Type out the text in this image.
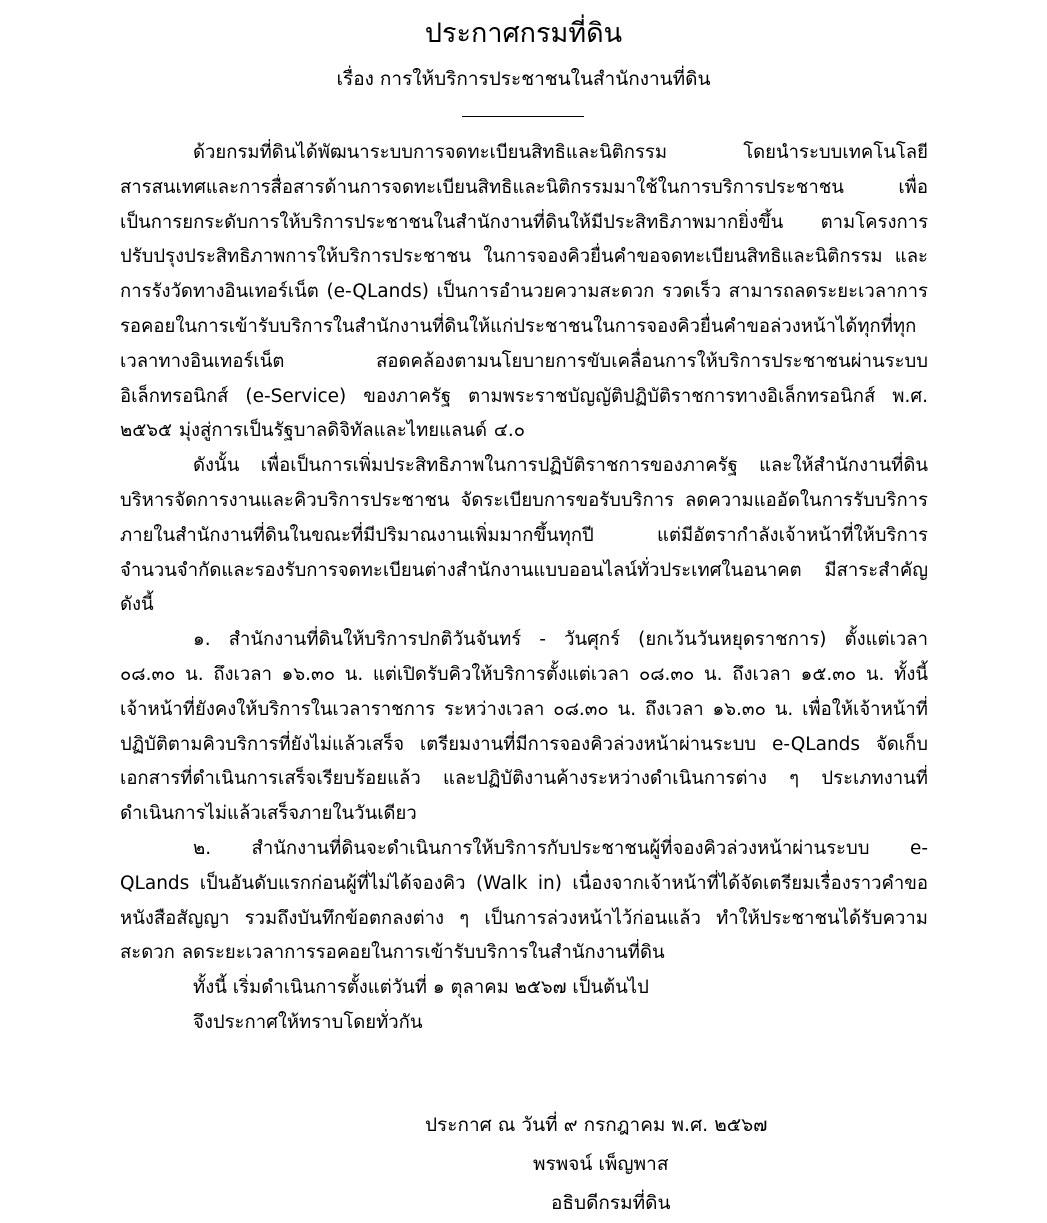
ประกาศกรมที่ดิน
เรื่อง การให้บริการประชาชนในสำนักงานที่ดิน

ด้วยกรมที่ดินได้พัฒนาระบบการจดทะเบียนสิทธิและนิติกรรม โดยนำระบบเทคโนโลยีสารสนเทศและการสื่อสารด้านการจดทะเบียนสิทธิและนิติกรรมมาใช้ในการบริการประชาชน เพื่อเป็นการยกระดับการให้บริการประชาชนในสำนักงานที่ดินให้มีประสิทธิภาพมากยิ่งขึ้น ตามโครงการปรับปรุงประสิทธิภาพการให้บริการประชาชน ในการจองคิวยื่นคำขอจดทะเบียนสิทธิและนิติกรรม และการรังวัดทางอินเทอร์เน็ต (e-QLands) เป็นการอำนวยความสะดวก รวดเร็ว สามารถลดระยะเวลาการรอคอยในการเข้ารับบริการในสำนักงานที่ดินให้แก่ประชาชนในการจองคิวยื่นคำขอล่วงหน้าได้ทุกที่ทุกเวลาทางอินเทอร์เน็ต สอดคล้องตามนโยบายการขับเคลื่อนการให้บริการประชาชนผ่านระบบอิเล็กทรอนิกส์ (e-Service) ของภาครัฐ ตามพระราชบัญญัติปฏิบัติราชการทางอิเล็กทรอนิกส์ พ.ศ. ๒๕๖๕ มุ่งสู่การเป็นรัฐบาลดิจิทัลและไทยแลนด์ ๔.๐

ดังนั้น เพื่อเป็นการเพิ่มประสิทธิภาพในการปฏิบัติราชการของภาครัฐ และให้สำนักงานที่ดินบริหารจัดการงานและคิวบริการประชาชน จัดระเบียบการขอรับบริการ ลดความแออัดในการรับบริการภายในสำนักงานที่ดินในขณะที่มีปริมาณงานเพิ่มมากขึ้นทุกปี แต่มีอัตรากำลังเจ้าหน้าที่ให้บริการจำนวนจำกัดและรองรับการจดทะเบียนต่างสำนักงานแบบออนไลน์ทั่วประเทศในอนาคต มีสาระสำคัญ ดังนี้

๑. สำนักงานที่ดินให้บริการปกติวันจันทร์ - วันศุกร์ (ยกเว้นวันหยุดราชการ) ตั้งแต่เวลา ๐๘.๓๐ น. ถึงเวลา ๑๖.๓๐ น. แต่เปิดรับคิวให้บริการตั้งแต่เวลา ๐๘.๓๐ น. ถึงเวลา ๑๕.๓๐ น. ทั้งนี้ เจ้าหน้าที่ยังคงให้บริการในเวลาราชการ ระหว่างเวลา ๐๘.๓๐ น. ถึงเวลา ๑๖.๓๐ น. เพื่อให้เจ้าหน้าที่ปฏิบัติตามคิวบริการที่ยังไม่แล้วเสร็จ เตรียมงานที่มีการจองคิวล่วงหน้าผ่านระบบ e-QLands จัดเก็บเอกสารที่ดำเนินการเสร็จเรียบร้อยแล้ว และปฏิบัติงานค้างระหว่างดำเนินการต่าง ๆ ประเภทงานที่ดำเนินการไม่แล้วเสร็จภายในวันเดียว

๒. สำนักงานที่ดินจะดำเนินการให้บริการกับประชาชนผู้ที่จองคิวล่วงหน้าผ่านระบบ e-QLands เป็นอันดับแรกก่อนผู้ที่ไม่ได้จองคิว (Walk in) เนื่องจากเจ้าหน้าที่ได้จัดเตรียมเรื่องราวคำขอ หนังสือสัญญา รวมถึงบันทึกข้อตกลงต่าง ๆ เป็นการล่วงหน้าไว้ก่อนแล้ว ทำให้ประชาชนได้รับความสะดวก ลดระยะเวลาการรอคอยในการเข้ารับบริการในสำนักงานที่ดิน

ทั้งนี้ เริ่มดำเนินการตั้งแต่วันที่ ๑ ตุลาคม ๒๕๖๗ เป็นต้นไป

จึงประกาศให้ทราบโดยทั่วกัน

ประกาศ ณ วันที่ ๙ กรกฎาคม พ.ศ. ๒๕๖๗
พรพจน์ เพ็ญพาส
อธิบดีกรมที่ดิน
